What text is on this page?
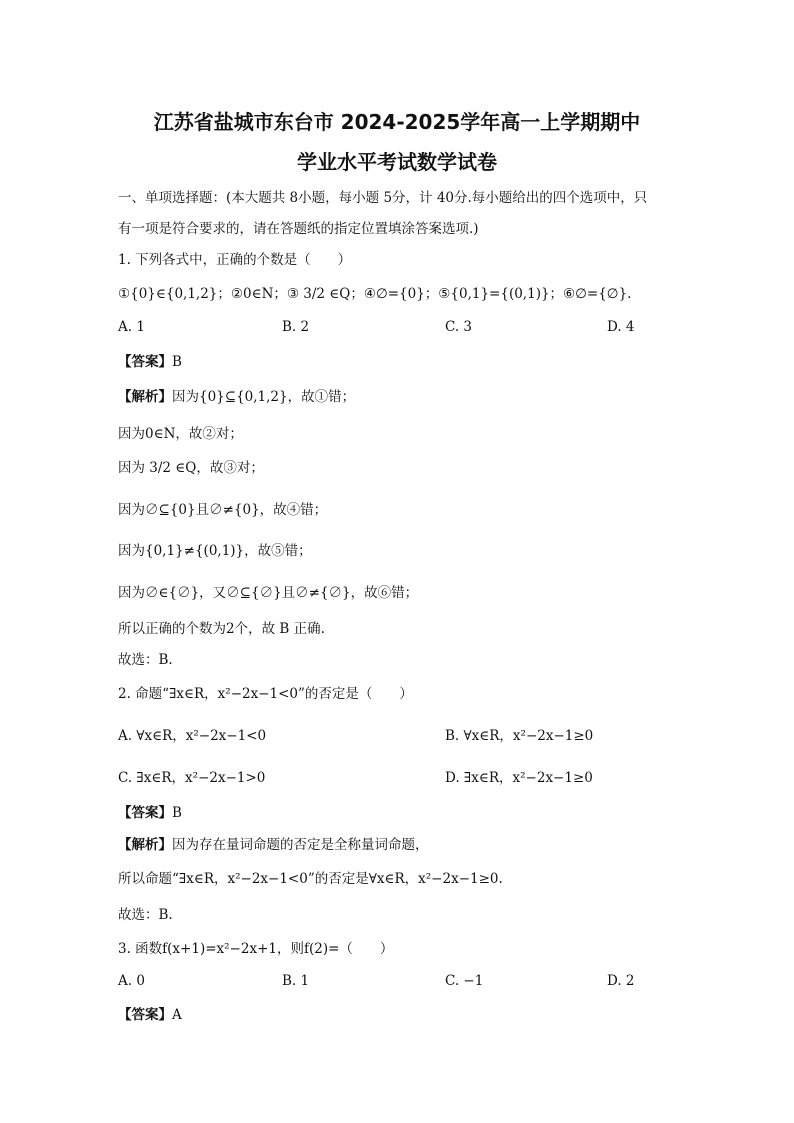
江苏省盐城市东台市 2024-2025学年高一上学期期中
学业水平考试数学试卷
一、单项选择题：(本大题共 8小题，每小题 5分，计 40分.每小题给出的四个选项中，只
有一项是符合要求的，请在答题纸的指定位置填涂答案选项.)
1. 下列各式中，正确的个数是（　　）
①{0}∈{0,1,2}；②0∈N；③ 3/2 ∈Q；④∅={0}；⑤{0,1}={(0,1)}；⑥∅={∅}.
A. 1	B. 2	C. 3	D. 4
【答案】B
【解析】因为{0}⊆{0,1,2}，故①错；
因为0∈N，故②对；
因为 3/2 ∈Q，故③对；
因为∅⊆{0}且∅≠{0}，故④错；
因为{0,1}≠{(0,1)}，故⑤错；
因为∅∈{∅}，又∅⊆{∅}且∅≠{∅}，故⑥错；
所以正确的个数为2个，故 B 正确.
故选：B.
2. 命题“∃x∈R，x²−2x−1<0”的否定是（　　）
A. ∀x∈R，x²−2x−1<0	B. ∀x∈R，x²−2x−1≥0
C. ∃x∈R，x²−2x−1>0	D. ∃x∈R，x²−2x−1≥0
【答案】B
【解析】因为存在量词命题的否定是全称量词命题，
所以命题“∃x∈R，x²−2x−1<0”的否定是∀x∈R，x²−2x−1≥0.
故选：B.
3. 函数f(x+1)=x²−2x+1，则f(2)=（　　）
A. 0	B. 1	C. −1	D. 2
【答案】A
